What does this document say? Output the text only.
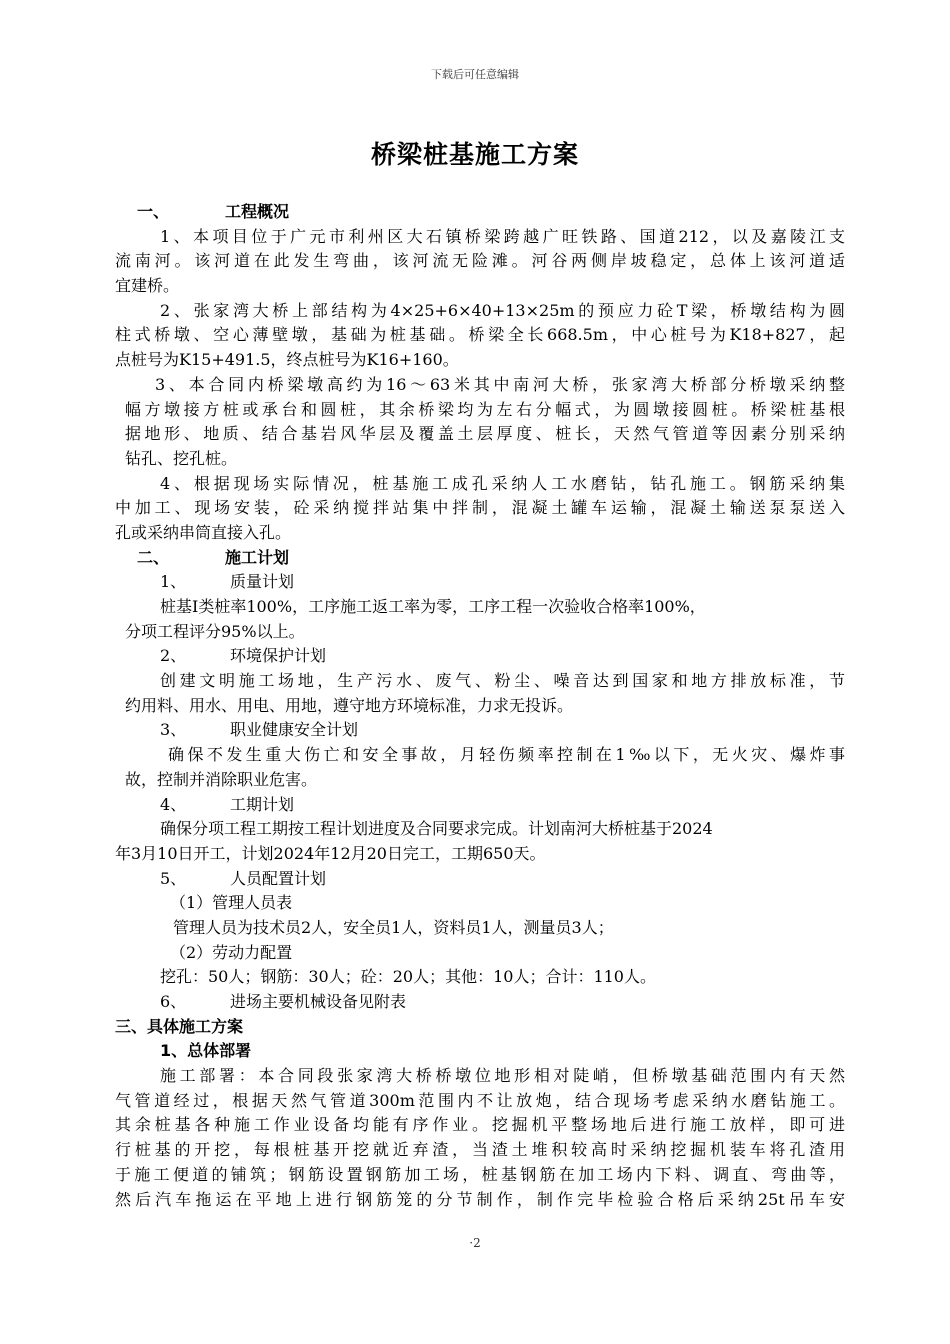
下载后可任意编辑
桥梁桩基施工方案
一、	工程概况
1、本项目位于广元市利州区大石镇桥梁跨越广旺铁路、国道212，以及嘉陵江支
流南河。该河道在此发生弯曲，该河流无险滩。河谷两侧岸坡稳定，总体上该河道适
宜建桥。
2、张家湾大桥上部结构为4×25+6×40+13×25m的预应力砼T梁，桥墩结构为圆
柱式桥墩、空心薄壁墩，基础为桩基础。桥梁全长668.5m，中心桩号为K18+827，起
点桩号为K15+491.5，终点桩号为K16+160。
3、本合同内桥梁墩高约为16～63米其中南河大桥，张家湾大桥部分桥墩采纳整
幅方墩接方桩或承台和圆桩，其余桥梁均为左右分幅式，为圆墩接圆桩。桥梁桩基根
据地形、地质、结合基岩风华层及覆盖土层厚度、桩长，天然气管道等因素分别采纳
钻孔、挖孔桩。
4、根据现场实际情况，桩基施工成孔采纳人工水磨钻，钻孔施工。钢筋采纳集
中加工、现场安装，砼采纳搅拌站集中拌制，混凝土罐车运输，混凝土输送泵泵送入
孔或采纳串筒直接入孔。
二、	施工计划
1、	质量计划
桩基Ⅰ类桩率100%，工序施工返工率为零，工序工程一次验收合格率100%，
分项工程评分95%以上。
2、	环境保护计划
创建文明施工场地，生产污水、废气、粉尘、噪音达到国家和地方排放标准，节
约用料、用水、用电、用地，遵守地方环境标准，力求无投诉。
3、	职业健康安全计划
确保不发生重大伤亡和安全事故，月轻伤频率控制在1‰以下，无火灾、爆炸事
故，控制并消除职业危害。
4、	工期计划
确保分项工程工期按工程计划进度及合同要求完成。计划南河大桥桩基于2024
年3月10日开工，计划2024年12月20日完工，工期650天。
5、	人员配置计划
（1）管理人员表
管理人员为技术员2人，安全员1人，资料员1人，测量员3人；
（2）劳动力配置
挖孔：50人；钢筋：30人；砼：20人；其他：10人；合计：110人。
6、	进场主要机械设备见附表
三、具体施工方案
1、总体部署
施工部署：本合同段张家湾大桥桥墩位地形相对陡峭，但桥墩基础范围内有天然
气管道经过，根据天然气管道300m范围内不让放炮，结合现场考虑采纳水磨钻施工。
其余桩基各种施工作业设备均能有序作业。挖掘机平整场地后进行施工放样，即可进
行桩基的开挖，每根桩基开挖就近弃渣，当渣土堆积较高时采纳挖掘机装车将孔渣用
于施工便道的铺筑；钢筋设置钢筋加工场，桩基钢筋在加工场内下料、调直、弯曲等，
然后汽车拖运在平地上进行钢筋笼的分节制作，制作完毕检验合格后采纳25t吊车安
·2
